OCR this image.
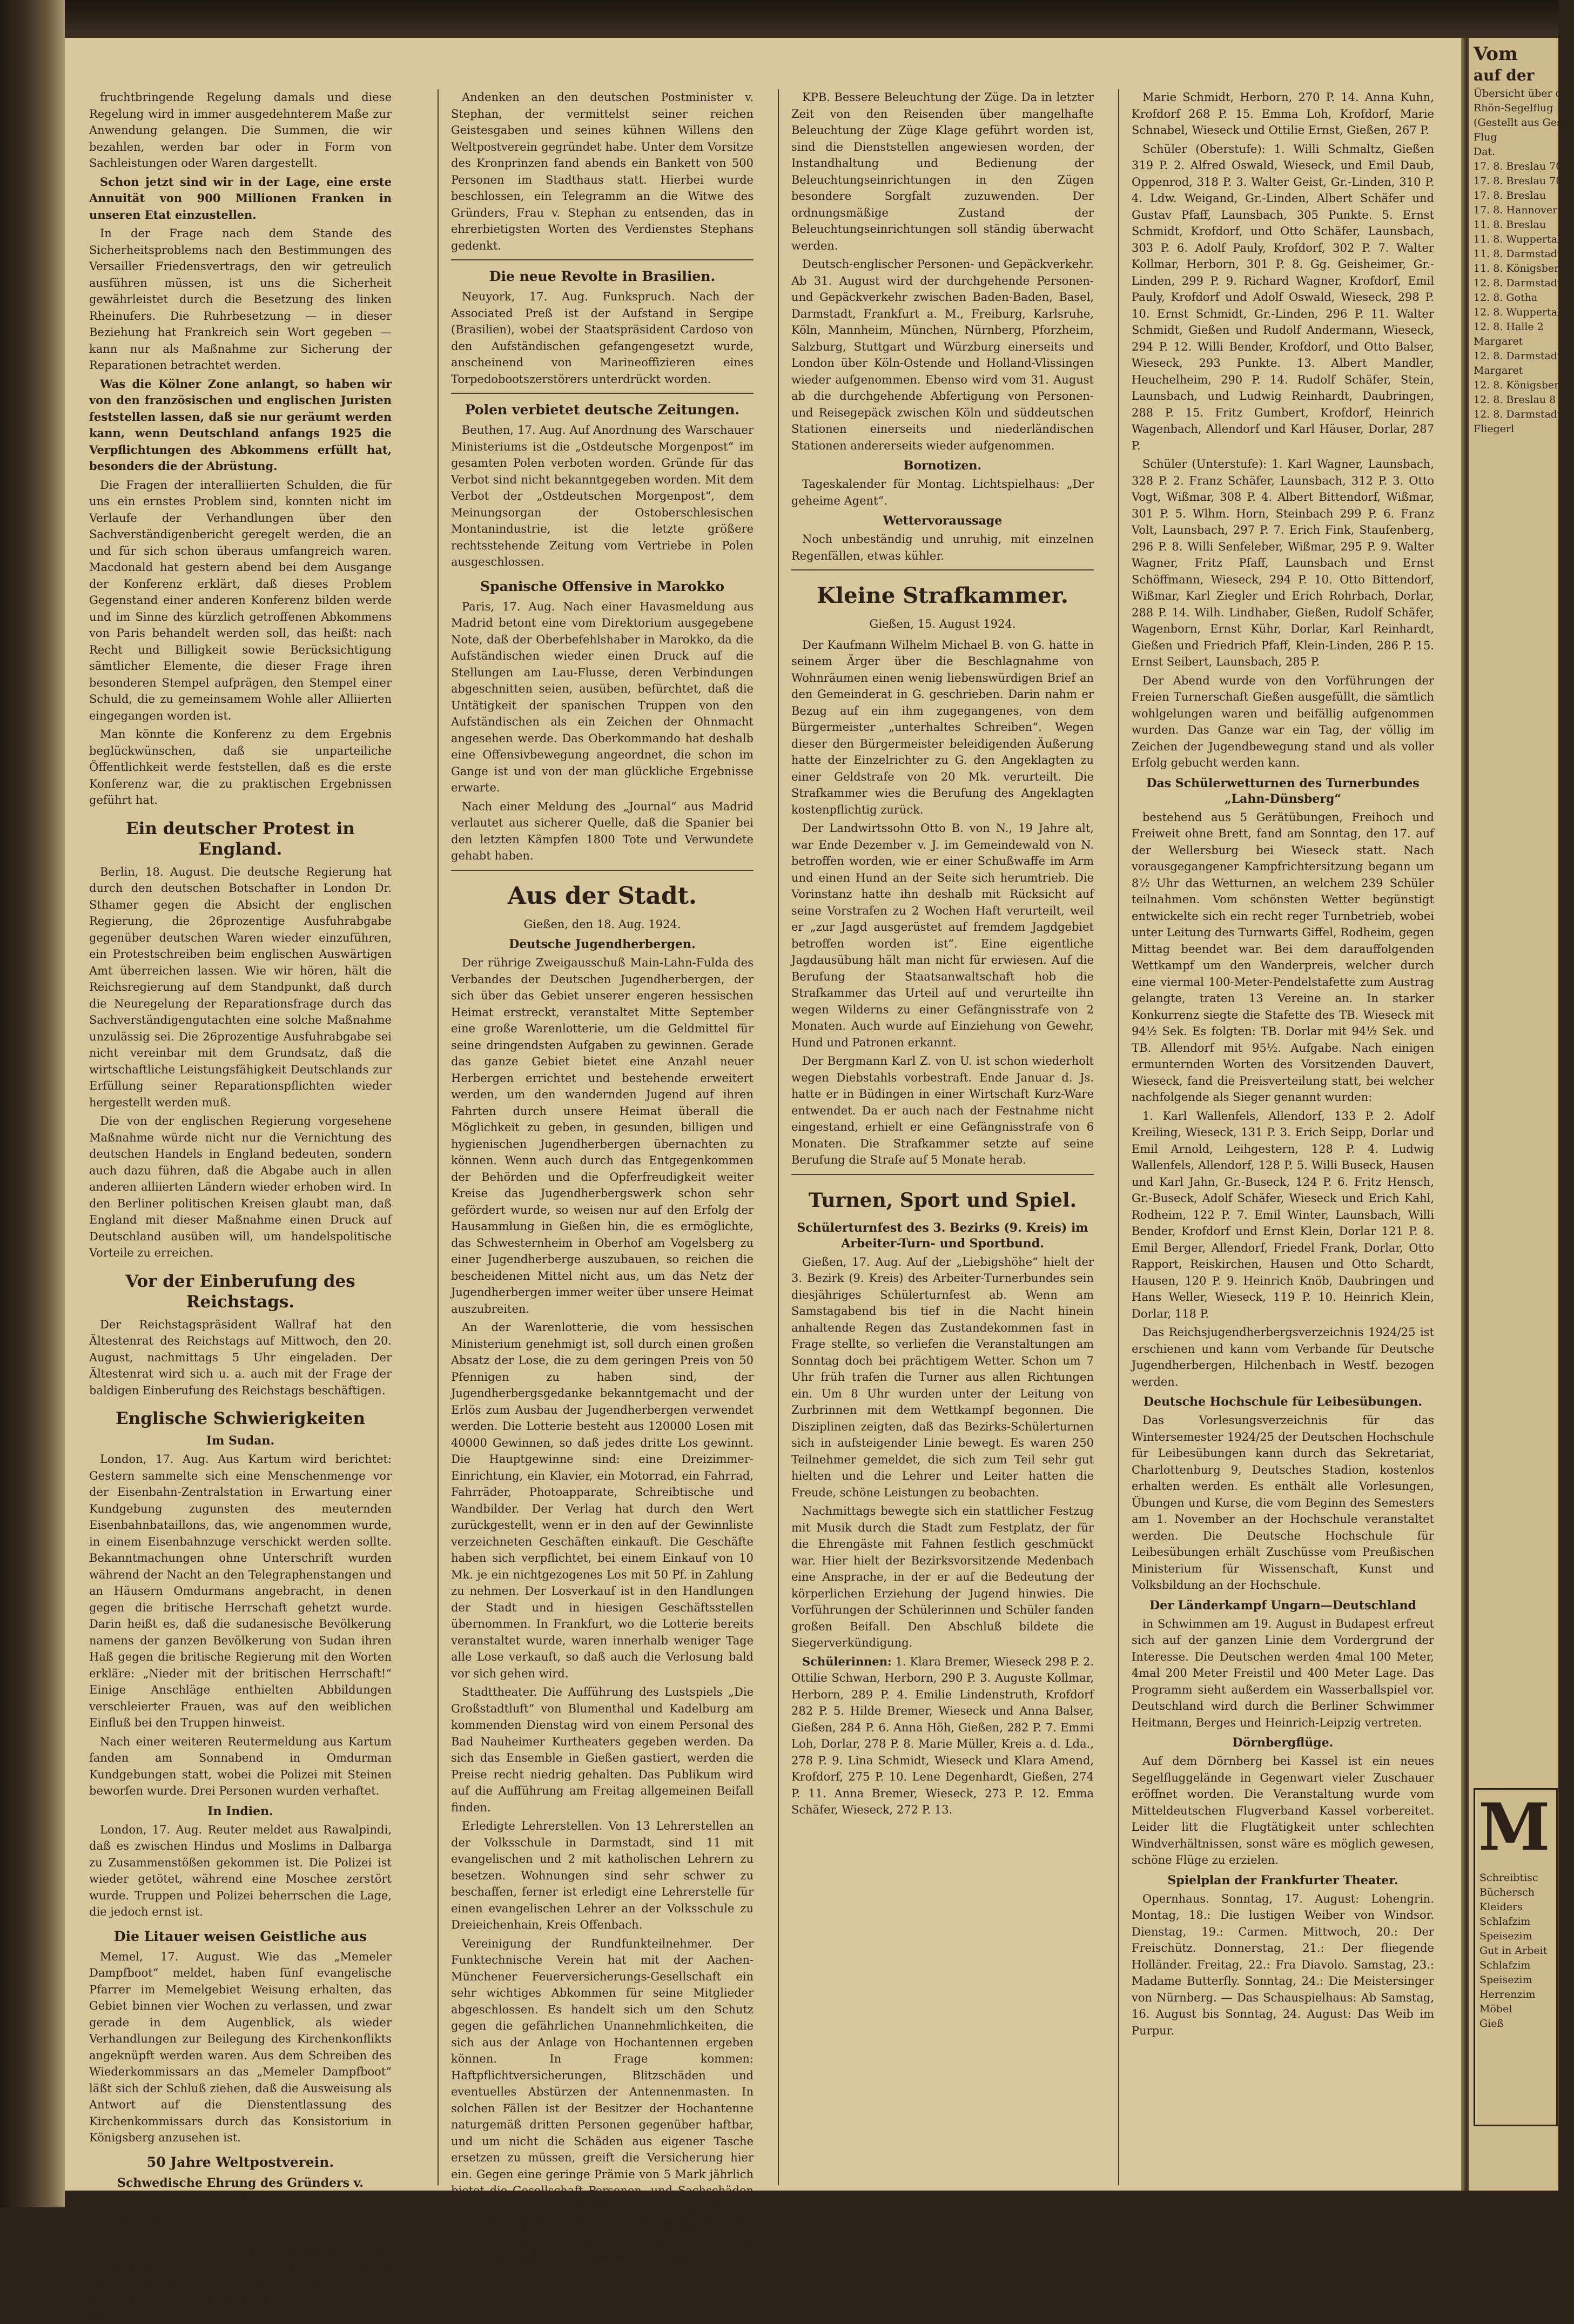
fruchtbringende Regelung damals und diese Regelung wird in immer ausgedehnterem Maße zur Anwendung gelangen. Die Summen, die wir bezahlen, werden bar oder in Form von Sachleistungen oder Waren dargestellt.

Schon jetzt sind wir in der Lage, eine erste Annuität von 900 Millionen Franken in unseren Etat einzustellen.

In der Frage nach dem Stande des Sicherheitsproblems nach den Bestimmungen des Versailler Friedensvertrags, den wir getreulich ausführen müssen, ist uns die Sicherheit gewährleistet durch die Besetzung des linken Rheinufers. Die Ruhrbesetzung — in dieser Beziehung hat Frankreich sein Wort gegeben — kann nur als Maßnahme zur Sicherung der Reparationen betrachtet werden.

Was die Kölner Zone anlangt, so haben wir von den französischen und englischen Juristen feststellen lassen, daß sie nur geräumt werden kann, wenn Deutschland anfangs 1925 die Verpflichtungen des Abkommens erfüllt hat, besonders die der Abrüstung.

Die Fragen der interalliierten Schulden, die für uns ein ernstes Problem sind, konnten nicht im Verlaufe der Verhandlungen über den Sachverständigenbericht geregelt werden, die an und für sich schon überaus umfangreich waren. Macdonald hat gestern abend bei dem Ausgange der Konferenz erklärt, daß dieses Problem Gegenstand einer anderen Konferenz bilden werde und im Sinne des kürzlich getroffenen Abkommens von Paris behandelt werden soll, das heißt: nach Recht und Billigkeit sowie Berücksichtigung sämtlicher Elemente, die dieser Frage ihren besonderen Stempel aufprägen, den Stempel einer Schuld, die zu gemeinsamem Wohle aller Alliierten eingegangen worden ist.

Man könnte die Konferenz zu dem Ergebnis beglückwünschen, daß sie unparteiliche Öffentlichkeit werde feststellen, daß es die erste Konferenz war, die zu praktischen Ergebnissen geführt hat.

Ein deutscher Protest in England.

Berlin, 18. August. Die deutsche Regierung hat durch den deutschen Botschafter in London Dr. Sthamer gegen die Absicht der englischen Regierung, die 26prozentige Ausfuhrabgabe gegenüber deutschen Waren wieder einzuführen, ein Protestschreiben beim englischen Auswärtigen Amt überreichen lassen. Wie wir hören, hält die Reichsregierung auf dem Standpunkt, daß durch die Neuregelung der Reparationsfrage durch das Sachverständigengutachten eine solche Maßnahme unzulässig sei. Die 26prozentige Ausfuhrabgabe sei nicht vereinbar mit dem Grundsatz, daß die wirtschaftliche Leistungsfähigkeit Deutschlands zur Erfüllung seiner Reparationspflichten wieder hergestellt werden muß.

Die von der englischen Regierung vorgesehene Maßnahme würde nicht nur die Vernichtung des deutschen Handels in England bedeuten, sondern auch dazu führen, daß die Abgabe auch in allen anderen alliierten Ländern wieder erhoben wird. In den Berliner politischen Kreisen glaubt man, daß England mit dieser Maßnahme einen Druck auf Deutschland ausüben will, um handelspolitische Vorteile zu erreichen.

Vor der Einberufung des Reichstags.

Der Reichstagspräsident Wallraf hat den Ältestenrat des Reichstags auf Mittwoch, den 20. August, nachmittags 5 Uhr eingeladen. Der Ältestenrat wird sich u. a. auch mit der Frage der baldigen Einberufung des Reichstags beschäftigen.

Englische Schwierigkeiten
Im Sudan.

London, 17. Aug. Aus Kartum wird berichtet: Gestern sammelte sich eine Menschenmenge vor der Eisenbahn-Zentralstation in Erwartung einer Kundgebung zugunsten des meuternden Eisenbahnbataillons, das, wie angenommen wurde, in einem Eisenbahnzuge verschickt werden sollte. Bekanntmachungen ohne Unterschrift wurden während der Nacht an den Telegraphenstangen und an Häusern Omdurmans angebracht, in denen gegen die britische Herrschaft gehetzt wurde. Darin heißt es, daß die sudanesische Bevölkerung namens der ganzen Bevölkerung von Sudan ihren Haß gegen die britische Regierung mit den Worten erkläre: „Nieder mit der britischen Herrschaft!“ Einige Anschläge enthielten Abbildungen verschleierter Frauen, was auf den weiblichen Einfluß bei den Truppen hinweist.

Nach einer weiteren Reutermeldung aus Kartum fanden am Sonnabend in Omdurman Kundgebungen statt, wobei die Polizei mit Steinen beworfen wurde. Drei Personen wurden verhaftet.

In Indien.

London, 17. Aug. Reuter meldet aus Rawalpindi, daß es zwischen Hindus und Moslims in Dalbarga zu Zusammenstößen gekommen ist. Die Polizei ist wieder getötet, während eine Moschee zerstört wurde. Truppen und Polizei beherrschen die Lage, die jedoch ernst ist.

Die Litauer weisen Geistliche aus

Memel, 17. August. Wie das „Memeler Dampfboot“ meldet, haben fünf evangelische Pfarrer im Memelgebiet Weisung erhalten, das Gebiet binnen vier Wochen zu verlassen, und zwar gerade in dem Augenblick, als wieder Verhandlungen zur Beilegung des Kirchenkonflikts angeknüpft werden waren. Aus dem Schreiben des Wiederkommissars an das „Memeler Dampfboot“ läßt sich der Schluß ziehen, daß die Ausweisung als Antwort auf die Dienstentlassung des Kirchenkommissars durch das Konsistorium in Königsberg anzusehen ist.

50 Jahre Weltpostverein.
Schwedische Ehrung des Gründers v. Stephan.

Stockholm, 17. Aug. (WTB.) Der in Stockholm versammelte 8. Weltpostkongreß hielt am Sonnabend seine 50jährige Jubiläumsfeier des Weltpostvereins ab. Bei dem Festakt in Anwesenheit der höchsten Vertreter des Kongresses, der schwedische Generalpostdirektor Juhlin in seiner Rede das

Andenken an den deutschen Postminister v. Stephan, der vermittelst seiner reichen Geistesgaben und seines kühnen Willens den Weltpostverein gegründet habe. Unter dem Vorsitze des Kronprinzen fand abends ein Bankett von 500 Personen im Stadthaus statt. Hierbei wurde beschlossen, ein Telegramm an die Witwe des Gründers, Frau v. Stephan zu entsenden, das in ehrerbietigsten Worten des Verdienstes Stephans gedenkt.

Die neue Revolte in Brasilien.

Neuyork, 17. Aug. Funkspruch. Nach der Associated Preß ist der Aufstand in Sergipe (Brasilien), wobei der Staatspräsident Cardoso von den Aufständischen gefangengesetzt wurde, anscheinend von Marineoffizieren eines Torpedobootszerstörers unterdrückt worden.

Polen verbietet deutsche Zeitungen.

Beuthen, 17. Aug. Auf Anordnung des Warschauer Ministeriums ist die „Ostdeutsche Morgenpost“ im gesamten Polen verboten worden. Gründe für das Verbot sind nicht bekanntgegeben worden. Mit dem Verbot der „Ostdeutschen Morgenpost“, dem Meinungsorgan der Ostoberschlesischen Montanindustrie, ist die letzte größere rechtsstehende Zeitung vom Vertriebe in Polen ausgeschlossen.

Spanische Offensive in Marokko

Paris, 17. Aug. Nach einer Havasmeldung aus Madrid betont eine vom Direktorium ausgegebene Note, daß der Oberbefehlshaber in Marokko, da die Aufständischen wieder einen Druck auf die Stellungen am Lau-Flusse, deren Verbindungen abgeschnitten seien, ausüben, befürchtet, daß die Untätigkeit der spanischen Truppen von den Aufständischen als ein Zeichen der Ohnmacht angesehen werde. Das Oberkommando hat deshalb eine Offensivbewegung angeordnet, die schon im Gange ist und von der man glückliche Ergebnisse erwarte.

Nach einer Meldung des „Journal“ aus Madrid verlautet aus sicherer Quelle, daß die Spanier bei den letzten Kämpfen 1800 Tote und Verwundete gehabt haben.

Aus der Stadt.
Gießen, den 18. Aug. 1924.
Deutsche Jugendherbergen.

Der rührige Zweigausschuß Main-Lahn-Fulda des Verbandes der Deutschen Jugendherbergen, der sich über das Gebiet unserer engeren hessischen Heimat erstreckt, veranstaltet Mitte September eine große Warenlotterie, um die Geldmittel für seine dringendsten Aufgaben zu gewinnen. Gerade das ganze Gebiet bietet eine Anzahl neuer Herbergen errichtet und bestehende erweitert werden, um den wandernden Jugend auf ihren Fahrten durch unsere Heimat überall die Möglichkeit zu geben, in gesunden, billigen und hygienischen Jugendherbergen übernachten zu können. Wenn auch durch das Entgegenkommen der Behörden und die Opferfreudigkeit weiter Kreise das Jugendherbergswerk schon sehr gefördert wurde, so weisen nur auf den Erfolg der Hausammlung in Gießen hin, die es ermöglichte, das Schwesternheim in Oberhof am Vogelsberg zu einer Jugendherberge auszubauen, so reichen die bescheidenen Mittel nicht aus, um das Netz der Jugendherbergen immer weiter über unsere Heimat auszubreiten.

An der Warenlotterie, die vom hessischen Ministerium genehmigt ist, soll durch einen großen Absatz der Lose, die zu dem geringen Preis von 50 Pfennigen zu haben sind, der Jugendherbergsgedanke bekanntgemacht und der Erlös zum Ausbau der Jugendherbergen verwendet werden. Die Lotterie besteht aus 120000 Losen mit 40000 Gewinnen, so daß jedes dritte Los gewinnt. Die Hauptgewinne sind: eine Dreizimmer-Einrichtung, ein Klavier, ein Motorrad, ein Fahrrad, Fahrräder, Photoapparate, Schreibtische und Wandbilder. Der Verlag hat durch den Wert zurückgestellt, wenn er in den auf der Gewinnliste verzeichneten Geschäften einkauft. Die Geschäfte haben sich verpflichtet, bei einem Einkauf von 10 Mk. je ein nichtgezogenes Los mit 50 Pf. in Zahlung zu nehmen. Der Losverkauf ist in den Handlungen der Stadt und in hiesigen Geschäftsstellen übernommen. In Frankfurt, wo die Lotterie bereits veranstaltet wurde, waren innerhalb weniger Tage alle Lose verkauft, so daß auch die Verlosung bald vor sich gehen wird.

Stadttheater. Die Aufführung des Lustspiels „Die Großstadtluft“ von Blumenthal und Kadelburg am kommenden Dienstag wird von einem Personal des Bad Nauheimer Kurtheaters gegeben werden. Da sich das Ensemble in Gießen gastiert, werden die Preise recht niedrig gehalten. Das Publikum wird auf die Aufführung am Freitag allgemeinen Beifall finden.

Erledigte Lehrerstellen. Von 13 Lehrerstellen an der Volksschule in Darmstadt, sind 11 mit evangelischen und 2 mit katholischen Lehrern zu besetzen. Wohnungen sind sehr schwer zu beschaffen, ferner ist erledigt eine Lehrerstelle für einen evangelischen Lehrer an der Volksschule zu Dreieichenhain, Kreis Offenbach.

Vereinigung der Rundfunkteilnehmer. Der Funktechnische Verein hat mit der Aachen-Münchener Feuerversicherungs-Gesellschaft ein sehr wichtiges Abkommen für seine Mitglieder abgeschlossen. Es handelt sich um den Schutz gegen die gefährlichen Unannehmlichkeiten, die sich aus der Anlage von Hochantennen ergeben können. In Frage kommen: Haftpflichtversicherungen, Blitzschäden und eventuelles Abstürzen der Antennenmasten. In solchen Fällen ist der Besitzer der Hochantenne naturgemäß dritten Personen gegenüber haftbar, und um nicht die Schäden aus eigener Tasche ersetzen zu müssen, greift die Versicherung hier ein. Gegen eine geringe Prämie von 5 Mark jährlich bietet die Gesellschaft Personen- und Sachschäden mit je 5000 Goldmark. Die Gültigkeit der Versicherung ist natürlich davon abhängig gemacht, daß die Anlage der Antenne den Vorschriften und den behördlichen Bestimmungen entspricht.

KPB. Bessere Beleuchtung der Züge. Da in letzter Zeit von den Reisenden über mangelhafte Beleuchtung der Züge Klage geführt worden ist, sind die Dienststellen angewiesen worden, der Instandhaltung und Bedienung der Beleuchtungseinrichtungen in den Zügen besondere Sorgfalt zuzuwenden. Der ordnungsmäßige Zustand der Beleuchtungseinrichtungen soll ständig überwacht werden.

Deutsch-englischer Personen- und Gepäckverkehr. Ab 31. August wird der durchgehende Personen- und Gepäckverkehr zwischen Baden-Baden, Basel, Darmstadt, Frankfurt a. M., Freiburg, Karlsruhe, Köln, Mannheim, München, Nürnberg, Pforzheim, Salzburg, Stuttgart und Würzburg einerseits und London über Köln-Ostende und Holland-Vlissingen wieder aufgenommen. Ebenso wird vom 31. August ab die durchgehende Abfertigung von Personen- und Reisegepäck zwischen Köln und süddeutschen Stationen einerseits und niederländischen Stationen andererseits wieder aufgenommen.

Bornotizen.

Tageskalender für Montag. Lichtspielhaus: „Der geheime Agent“.

Wettervoraussage

Noch unbeständig und unruhig, mit einzelnen Regenfällen, etwas kühler.

Kleine Strafkammer.
Gießen, 15. August 1924.

Der Kaufmann Wilhelm Michael B. von G. hatte in seinem Ärger über die Beschlagnahme von Wohnräumen einen wenig liebenswürdigen Brief an den Gemeinderat in G. geschrieben. Darin nahm er Bezug auf ein ihm zugegangenes, von dem Bürgermeister „unterhaltes Schreiben“. Wegen dieser den Bürgermeister beleidigenden Äußerung hatte der Einzelrichter zu G. den Angeklagten zu einer Geldstrafe von 20 Mk. verurteilt. Die Strafkammer wies die Berufung des Angeklagten kostenpflichtig zurück.

Der Landwirtssohn Otto B. von N., 19 Jahre alt, war Ende Dezember v. J. im Gemeindewald von N. betroffen worden, wie er einer Schußwaffe im Arm und einen Hund an der Seite sich herumtrieb. Die Vorinstanz hatte ihn deshalb mit Rücksicht auf seine Vorstrafen zu 2 Wochen Haft verurteilt, weil er „zur Jagd ausgerüstet auf fremdem Jagdgebiet betroffen worden ist“. Eine eigentliche Jagdausübung hält man nicht für erwiesen. Auf die Berufung der Staatsanwaltschaft hob die Strafkammer das Urteil auf und verurteilte ihn wegen Wilderns zu einer Gefängnisstrafe von 2 Monaten. Auch wurde auf Einziehung von Gewehr, Hund und Patronen erkannt.

Der Bergmann Karl Z. von U. ist schon wiederholt wegen Diebstahls vorbestraft. Ende Januar d. Js. hatte er in Büdingen in einer Wirtschaft Kurz-Ware entwendet. Da er auch nach der Festnahme nicht eingestand, erhielt er eine Gefängnisstrafe von 6 Monaten. Die Strafkammer setzte auf seine Berufung die Strafe auf 5 Monate herab.

Turnen, Sport und Spiel.
Schülerturnfest des 3. Bezirks (9. Kreis) im Arbeiter-Turn- und Sportbund.

Gießen, 17. Aug. Auf der „Liebigshöhe“ hielt der 3. Bezirk (9. Kreis) des Arbeiter-Turnerbundes sein diesjähriges Schülerturnfest ab. Wenn am Samstagabend bis tief in die Nacht hinein anhaltende Regen das Zustandekommen fast in Frage stellte, so verliefen die Veranstaltungen am Sonntag doch bei prächtigem Wetter. Schon um 7 Uhr früh trafen die Turner aus allen Richtungen ein. Um 8 Uhr wurden unter der Leitung von Zurbrinnen mit dem Wettkampf begonnen. Die Disziplinen zeigten, daß das Bezirks-Schülerturnen sich in aufsteigender Linie bewegt. Es waren 250 Teilnehmer gemeldet, die sich zum Teil sehr gut hielten und die Lehrer und Leiter hatten die Freude, schöne Leistungen zu beobachten.

Nachmittags bewegte sich ein stattlicher Festzug mit Musik durch die Stadt zum Festplatz, der für die Ehrengäste mit Fahnen festlich geschmückt war. Hier hielt der Bezirksvorsitzende Medenbach eine Ansprache, in der er auf die Bedeutung der körperlichen Erziehung der Jugend hinwies. Die Vorführungen der Schülerinnen und Schüler fanden großen Beifall. Den Abschluß bildete die Siegerverkündigung.

Schülerinnen: 1. Klara Bremer, Wieseck 298 P. 2. Ottilie Schwan, Herborn, 290 P. 3. Auguste Kollmar, Herborn, 289 P. 4. Emilie Lindenstruth, Krofdorf 282 P. 5. Hilde Bremer, Wieseck und Anna Balser, Gießen, 284 P. 6. Anna Höh, Gießen, 282 P. 7. Emmi Loh, Dorlar, 278 P. 8. Marie Müller, Kreis a. d. Lda., 278 P. 9. Lina Schmidt, Wieseck und Klara Amend, Krofdorf, 275 P. 10. Lene Degenhardt, Gießen, 274 P. 11. Anna Bremer, Wieseck, 273 P. 12. Emma Schäfer, Wieseck, 272 P. 13.

Marie Schmidt, Herborn, 270 P. 14. Anna Kuhn, Krofdorf 268 P. 15. Emma Loh, Krofdorf, Marie Schnabel, Wieseck und Ottilie Ernst, Gießen, 267 P.

Schüler (Oberstufe): 1. Willi Schmaltz, Gießen 319 P. 2. Alfred Oswald, Wieseck, und Emil Daub, Oppenrod, 318 P. 3. Walter Geist, Gr.-Linden, 310 P. 4. Ldw. Weigand, Gr.-Linden, Albert Schäfer und Gustav Pfaff, Launsbach, 305 Punkte. 5. Ernst Schmidt, Krofdorf, und Otto Schäfer, Launsbach, 303 P. 6. Adolf Pauly, Krofdorf, 302 P. 7. Walter Kollmar, Herborn, 301 P. 8. Gg. Geisheimer, Gr.-Linden, 299 P. 9. Richard Wagner, Krofdorf, Emil Pauly, Krofdorf und Adolf Oswald, Wieseck, 298 P. 10. Ernst Schmidt, Gr.-Linden, 296 P. 11. Walter Schmidt, Gießen und Rudolf Andermann, Wieseck, 294 P. 12. Willi Bender, Krofdorf, und Otto Balser, Wieseck, 293 Punkte. 13. Albert Mandler, Heuchelheim, 290 P. 14. Rudolf Schäfer, Stein, Launsbach, und Ludwig Reinhardt, Daubringen, 288 P. 15. Fritz Gumbert, Krofdorf, Heinrich Wagenbach, Allendorf und Karl Häuser, Dorlar, 287 P.

Schüler (Unterstufe): 1. Karl Wagner, Launsbach, 328 P. 2. Franz Schäfer, Launsbach, 312 P. 3. Otto Vogt, Wißmar, 308 P. 4. Albert Bittendorf, Wißmar, 301 P. 5. Wlhm. Horn, Steinbach 299 P. 6. Franz Volt, Launsbach, 297 P. 7. Erich Fink, Staufenberg, 296 P. 8. Willi Senfeleber, Wißmar, 295 P. 9. Walter Wagner, Fritz Pfaff, Launsbach und Ernst Schöffmann, Wieseck, 294 P. 10. Otto Bittendorf, Wißmar, Karl Ziegler und Erich Rohrbach, Dorlar, 288 P. 14. Wilh. Lindhaber, Gießen, Rudolf Schäfer, Wagenborn, Ernst Kühr, Dorlar, Karl Reinhardt, Gießen und Friedrich Pfaff, Klein-Linden, 286 P. 15. Ernst Seibert, Launsbach, 285 P.

Der Abend wurde von den Vorführungen der Freien Turnerschaft Gießen ausgefüllt, die sämtlich wohlgelungen waren und beifällig aufgenommen wurden. Das Ganze war ein Tag, der völlig im Zeichen der Jugendbewegung stand und als voller Erfolg gebucht werden kann.

Das Schülerwetturnen des Turnerbundes „Lahn-Dünsberg“

bestehend aus 5 Gerätübungen, Freihoch und Freiweit ohne Brett, fand am Sonntag, den 17. auf der Wellersburg bei Wieseck statt. Nach vorausgegangener Kampfrichtersitzung begann um 8½ Uhr das Wetturnen, an welchem 239 Schüler teilnahmen. Vom schönsten Wetter begünstigt entwickelte sich ein recht reger Turnbetrieb, wobei unter Leitung des Turnwarts Giffel, Rodheim, gegen Mittag beendet war. Bei dem darauffolgenden Wettkampf um den Wanderpreis, welcher durch eine viermal 100-Meter-Pendelstafette zum Austrag gelangte, traten 13 Vereine an. In starker Konkurrenz siegte die Stafette des TB. Wieseck mit 94½ Sek. Es folgten: TB. Dorlar mit 94½ Sek. und TB. Allendorf mit 95½. Aufgabe. Nach einigen ermunternden Worten des Vorsitzenden Dauvert, Wieseck, fand die Preisverteilung statt, bei welcher nachfolgende als Sieger genannt wurden:

1. Karl Wallenfels, Allendorf, 133 P. 2. Adolf Kreiling, Wieseck, 131 P. 3. Erich Seipp, Dorlar und Emil Arnold, Leihgestern, 128 P. 4. Ludwig Wallenfels, Allendorf, 128 P. 5. Willi Buseck, Hausen und Karl Jahn, Gr.-Buseck, 124 P. 6. Fritz Hensch, Gr.-Buseck, Adolf Schäfer, Wieseck und Erich Kahl, Rodheim, 122 P. 7. Emil Winter, Launsbach, Willi Bender, Krofdorf und Ernst Klein, Dorlar 121 P. 8. Emil Berger, Allendorf, Friedel Frank, Dorlar, Otto Rapport, Reiskirchen, Hausen und Otto Schardt, Hausen, 120 P. 9. Heinrich Knöb, Daubringen und Hans Weller, Wieseck, 119 P. 10. Heinrich Klein, Dorlar, 118 P.

Das Reichsjugendherbergsverzeichnis 1924/25 ist erschienen und kann vom Verbande für Deutsche Jugendherbergen, Hilchenbach in Westf. bezogen werden.

Deutsche Hochschule für Leibesübungen.

Das Vorlesungsverzeichnis für das Wintersemester 1924/25 der Deutschen Hochschule für Leibesübungen kann durch das Sekretariat, Charlottenburg 9, Deutsches Stadion, kostenlos erhalten werden. Es enthält alle Vorlesungen, Übungen und Kurse, die vom Beginn des Semesters am 1. November an der Hochschule veranstaltet werden. Die Deutsche Hochschule für Leibesübungen erhält Zuschüsse vom Preußischen Ministerium für Wissenschaft, Kunst und Volksbildung an der Hochschule.

Der Länderkampf Ungarn—Deutschland

in Schwimmen am 19. August in Budapest erfreut sich auf der ganzen Linie dem Vordergrund der Interesse. Die Deutschen werden 4mal 100 Meter, 4mal 200 Meter Freistil und 400 Meter Lage. Das Programm sieht außerdem ein Wasserballspiel vor. Deutschland wird durch die Berliner Schwimmer Heitmann, Berges und Heinrich-Leipzig vertreten.

Dörnbergflüge.

Auf dem Dörnberg bei Kassel ist ein neues Segelfluggelände in Gegenwart vieler Zuschauer eröffnet worden. Die Veranstaltung wurde vom Mitteldeutschen Flugverband Kassel vorbereitet. Leider litt die Flugtätigkeit unter schlechten Windverhältnissen, sonst wäre es möglich gewesen, schöne Flüge zu erzielen.

Spielplan der Frankfurter Theater.

Opernhaus. Sonntag, 17. August: Lohengrin. Montag, 18.: Die lustigen Weiber von Windsor. Dienstag, 19.: Carmen. Mittwoch, 20.: Der Freischütz. Donnerstag, 21.: Der fliegende Holländer. Freitag, 22.: Fra Diavolo. Samstag, 23.: Madame Butterfly. Sonntag, 24.: Die Meistersinger von Nürnberg. — Das Schauspielhaus: Ab Samstag, 16. August bis Sonntag, 24. August: Das Weib im Purpur.

Vom
auf der
Übersicht über die
Rhön-Segelflug
(Gestellt aus Gest.
Flug
Dat.
17. 8. Breslau 70
17. 8. Breslau 70
17. 8. Breslau
17. 8. Hannover 11
11. 8. Breslau
11. 8. Wuppertal
11. 8. Darmstadt
11. 8. Königsberg
12. 8. Darmstadt
12. 8. Gotha
12. 8. Wuppertal
12. 8. Halle 2
Margaret
12. 8. Darmstadt
Margaret
12. 8. Königsberg
12. 8. Breslau 8
12. 8. Darmstadt
Fliegerl
M
Schreibtisc
Büchersch
Kleiders
Schlafzim
Speisezim
Gut in Arbeit
Schlafzim
Speisezim
Herrenzim
Möbel
Gieß
